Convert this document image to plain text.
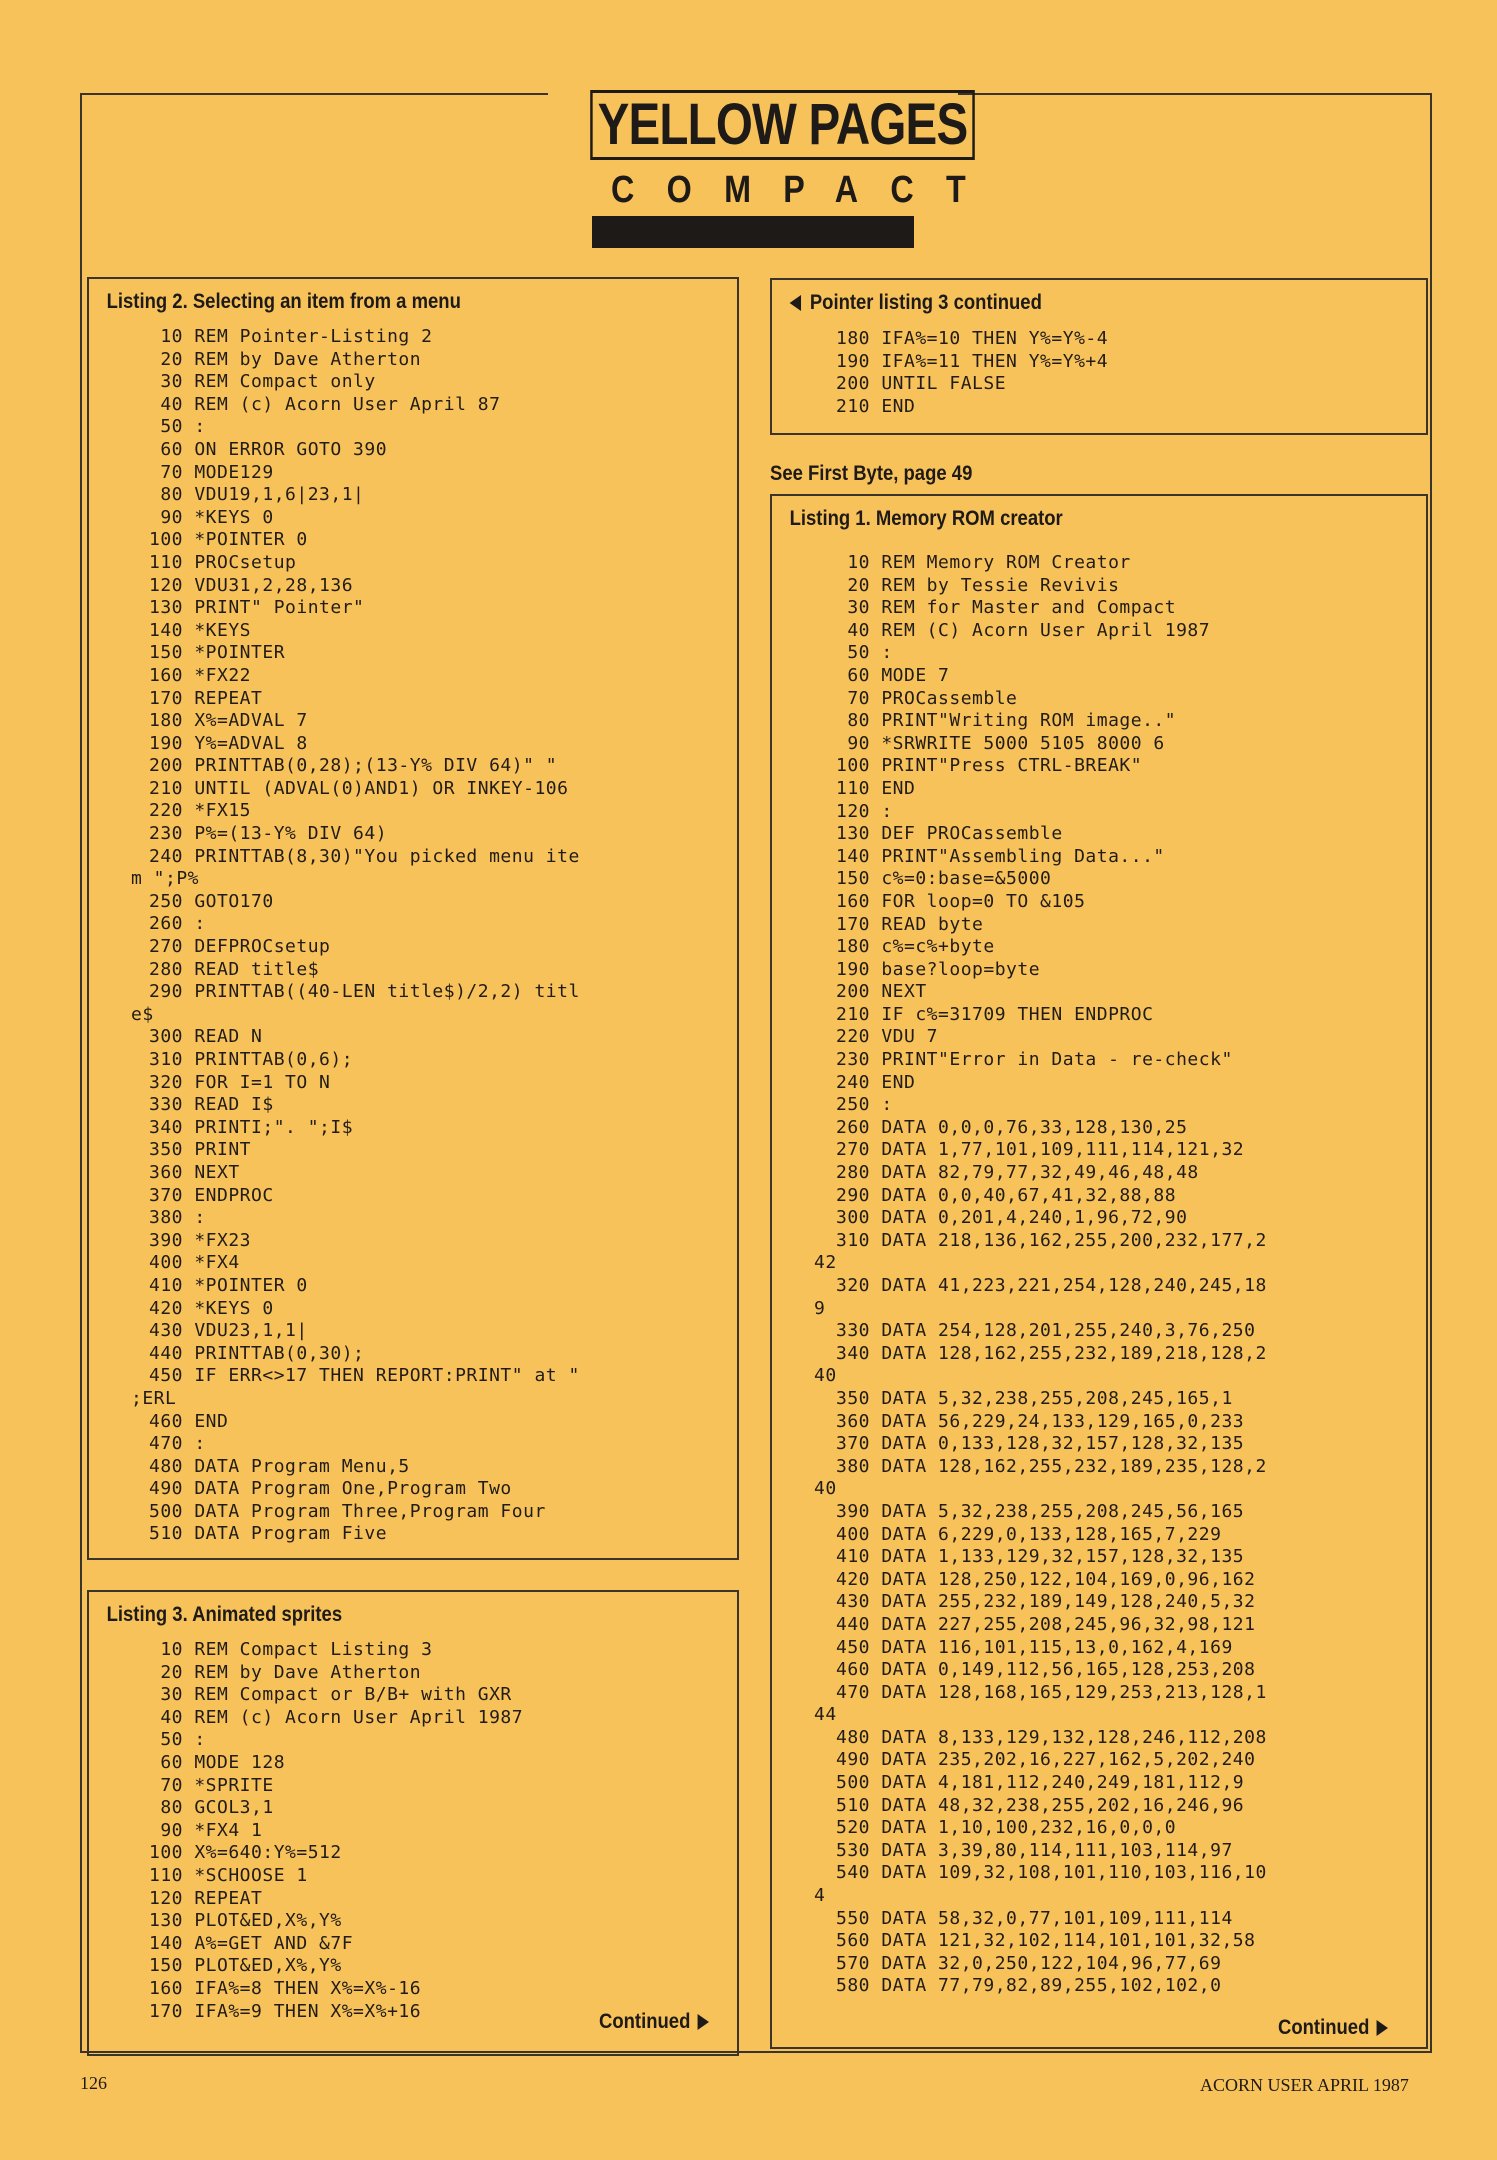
YELLOW PAGES
COMPACT
Listing 2. Selecting an item from a menu
10 REM Pointer-Listing 2
20 REM by Dave Atherton
30 REM Compact only
40 REM (c) Acorn User April 87
50 :
60 ON ERROR GOTO 390
70 MODE129
80 VDU19,1,6|23,1|
90 *KEYS 0
100 *POINTER 0
110 PROCsetup
120 VDU31,2,28,136
130 PRINT" Pointer"
140 *KEYS
150 *POINTER
160 *FX22
170 REPEAT
180 X%=ADVAL 7
190 Y%=ADVAL 8
200 PRINTTAB(0,28);(13-Y% DIV 64)" "
210 UNTIL (ADVAL(0)AND1) OR INKEY-106
220 *FX15
230 P%=(13-Y% DIV 64)
240 PRINTTAB(8,30)"You picked menu ite
m ";P%
250 GOTO170
260 :
270 DEFPROCsetup
280 READ title$
290 PRINTTAB((40-LEN title$)/2,2) titl
e$
300 READ N
310 PRINTTAB(0,6);
320 FOR I=1 TO N
330 READ I$
340 PRINTI;". ";I$
350 PRINT
360 NEXT
370 ENDPROC
380 :
390 *FX23
400 *FX4
410 *POINTER 0
420 *KEYS 0
430 VDU23,1,1|
440 PRINTTAB(0,30);
450 IF ERR<>17 THEN REPORT:PRINT" at "
;ERL
460 END
470 :
480 DATA Program Menu,5
490 DATA Program One,Program Two
500 DATA Program Three,Program Four
510 DATA Program Five
Listing 3. Animated sprites
10 REM Compact Listing 3
20 REM by Dave Atherton
30 REM Compact or B/B+ with GXR
40 REM (c) Acorn User April 1987
50 :
60 MODE 128
70 *SPRITE
80 GCOL3,1
90 *FX4 1
100 X%=640:Y%=512
110 *SCHOOSE 1
120 REPEAT
130 PLOT&ED,X%,Y%
140 A%=GET AND &7F
150 PLOT&ED,X%,Y%
160 IFA%=8 THEN X%=X%-16
170 IFA%=9 THEN X%=X%+16	Continued
Pointer listing 3 continued
180 IFA%=10 THEN Y%=Y%-4
190 IFA%=11 THEN Y%=Y%+4
200 UNTIL FALSE
210 END
See First Byte, page 49
Listing 1. Memory ROM creator
10 REM Memory ROM Creator
20 REM by Tessie Revivis
30 REM for Master and Compact
40 REM (C) Acorn User April 1987
50 :
60 MODE 7
70 PROCassemble
80 PRINT"Writing ROM image.."
90 *SRWRITE 5000 5105 8000 6
100 PRINT"Press CTRL-BREAK"
110 END
120 :
130 DEF PROCassemble
140 PRINT"Assembling Data..."
150 c%=0:base=&5000
160 FOR loop=0 TO &105
170 READ byte
180 c%=c%+byte
190 base?loop=byte
200 NEXT
210 IF c%=31709 THEN ENDPROC
220 VDU 7
230 PRINT"Error in Data - re-check"
240 END
250 :
260 DATA 0,0,0,76,33,128,130,25
270 DATA 1,77,101,109,111,114,121,32
280 DATA 82,79,77,32,49,46,48,48
290 DATA 0,0,40,67,41,32,88,88
300 DATA 0,201,4,240,1,96,72,90
310 DATA 218,136,162,255,200,232,177,2
42
320 DATA 41,223,221,254,128,240,245,18
9
330 DATA 254,128,201,255,240,3,76,250
340 DATA 128,162,255,232,189,218,128,2
40
350 DATA 5,32,238,255,208,245,165,1
360 DATA 56,229,24,133,129,165,0,233
370 DATA 0,133,128,32,157,128,32,135
380 DATA 128,162,255,232,189,235,128,2
40
390 DATA 5,32,238,255,208,245,56,165
400 DATA 6,229,0,133,128,165,7,229
410 DATA 1,133,129,32,157,128,32,135
420 DATA 128,250,122,104,169,0,96,162
430 DATA 255,232,189,149,128,240,5,32
440 DATA 227,255,208,245,96,32,98,121
450 DATA 116,101,115,13,0,162,4,169
460 DATA 0,149,112,56,165,128,253,208
470 DATA 128,168,165,129,253,213,128,1
44
480 DATA 8,133,129,132,128,246,112,208
490 DATA 235,202,16,227,162,5,202,240
500 DATA 4,181,112,240,249,181,112,9
510 DATA 48,32,238,255,202,16,246,96
520 DATA 1,10,100,232,16,0,0,0
530 DATA 3,39,80,114,111,103,114,97
540 DATA 109,32,108,101,110,103,116,10
4
550 DATA 58,32,0,77,101,109,111,114
560 DATA 121,32,102,114,101,101,32,58
570 DATA 32,0,250,122,104,96,77,69
580 DATA 77,79,82,89,255,102,102,0
Continued
126	ACORN USER APRIL 1987
